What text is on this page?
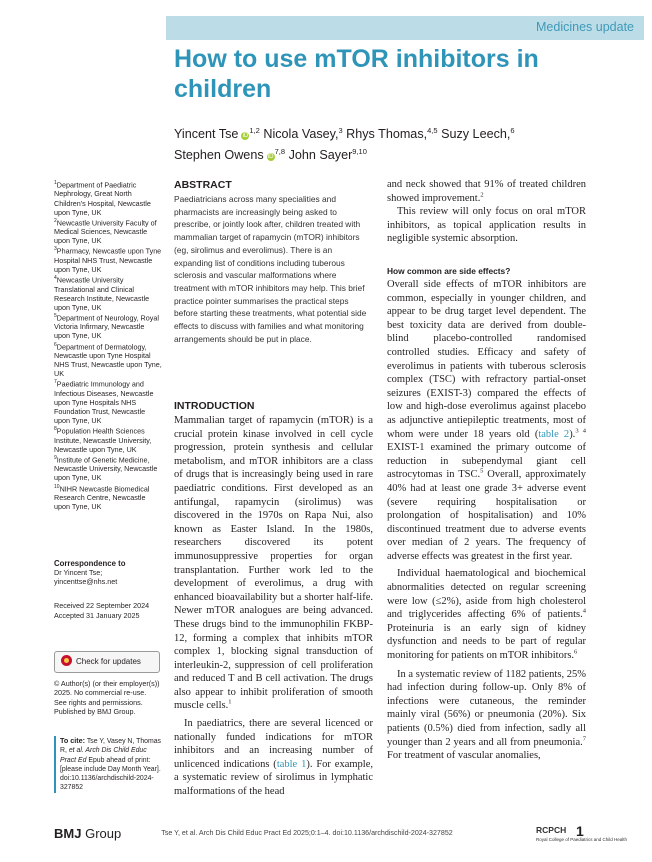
Medicines update
How to use mTOR inhibitors in children
Yincent Tse iD$^{1,2}$ Nicola Vasey,$^3$ Rhys Thomas,$^{4,5}$ Suzy Leech,$^6$
Stephen Owens iD$^{7,8}$ John Sayer$^{9,10}$
$^1$Department of Paediatric Nephrology, Great North Children's Hospital, Newcastle upon Tyne, UK
$^2$Newcastle University Faculty of Medical Sciences, Newcastle upon Tyne, UK
$^3$Pharmacy, Newcastle upon Tyne Hospital NHS Trust, Newcastle upon Tyne, UK
$^4$Newcastle University Translational and Clinical Research Institute, Newcastle upon Tyne, UK
$^5$Department of Neurology, Royal Victoria Infirmary, Newcastle upon Tyne, UK
$^6$Department of Dermatology, Newcastle upon Tyne Hospital NHS Trust, Newcastle upon Tyne, UK
$^7$Paediatric Immunology and Infectious Diseases, Newcastle upon Tyne Hospitals NHS Foundation Trust, Newcastle upon Tyne, UK
$^8$Population Health Sciences Institute, Newcastle University, Newcastle upon Tyne, UK
$^9$Institute of Genetic Medicine, Newcastle University, Newcastle upon Tyne, UK
$^{10}$NIHR Newcastle Biomedical Research Centre, Newcastle upon Tyne, UK
Correspondence to
Dr Yincent Tse; yincenttse@nhs.net
Received 22 September 2024
Accepted 31 January 2025
Check for updates
© Author(s) (or their employer(s)) 2025. No commercial re-use. See rights and permissions. Published by BMJ Group.
To cite: Tse Y, Vasey N, Thomas R, et al. Arch Dis Child Educ Pract Ed Epub ahead of print: [please include Day Month Year]. doi:10.1136/archdischild-2024-327852
ABSTRACT
Paediatricians across many specialities and pharmacists are increasingly being asked to prescribe, or jointly look after, children treated with mammalian target of rapamycin (mTOR) inhibitors (eg, sirolimus and everolimus). There is an expanding list of conditions including tuberous sclerosis and vascular malformations where treatment with mTOR inhibitors may help. This brief practice pointer summarises the practical steps before starting these treatments, what potential side effects to discuss with families and what monitoring arrangements should be put in place.
INTRODUCTION

Mammalian target of rapamycin (mTOR) is a crucial protein kinase involved in cell cycle progression, protein synthesis and cellular metabolism, and mTOR inhibitors are a class of drugs that is increasingly being used in rare paediatric conditions. First developed as an antifungal, rapamycin (sirolimus) was discovered in the 1970s on Rapa Nui, also known as Easter Island. In the 1980s, researchers discovered its potent immunosuppressive properties for organ transplantation. Further work led to the development of everolimus, a drug with enhanced bioavailability but a shorter half-life. Newer mTOR analogues are being advanced. These drugs bind to the immunophilin FKBP-12, forming a complex that inhibits mTOR complex 1, blocking signal transduction of interleukin-2, suppression of cell proliferation and reduced T and B cell activation. The drugs also appear to inhibit proliferation of smooth muscle cells.$^1$

In paediatrics, there are several licenced or nationally funded indications for mTOR inhibitors and an increasing number of unlicenced indications (table 1). For example, a systematic review of sirolimus in lymphatic malformations of the head

and neck showed that 91% of treated children showed improvement.$^2$

This review will only focus on oral mTOR inhibitors, as topical application results in negligible systemic absorption.

How common are side effects?

Overall side effects of mTOR inhibitors are common, especially in younger children, and appear to be drug target level dependent. The best toxicity data are derived from double-blind placebo-controlled randomised controlled studies. Efficacy and safety of everolimus in patients with tuberous sclerosis complex (TSC) with refractory partial-onset seizures (EXIST-3) compared the effects of low and high-dose everolimus against placebo as adjunctive antiepileptic treatments, most of whom were under 18 years old (table 2).$^{3 4}$ EXIST-1 examined the primary outcome of reduction in subependymal giant cell astrocytomas in TSC.$^5$ Overall, approximately 40% had at least one grade 3+ adverse event (severe requiring hospitalisation or prolongation of hospitalisation) and 10% discontinued treatment due to adverse events over median of 2 years. The frequency of adverse effects was greatest in the first year.

Individual haematological and biochemical abnormalities detected on regular screening were low (≤2%), aside from high cholesterol and triglycerides affecting 6% of patients.$^4$ Proteinuria is an early sign of kidney dysfunction and needs to be part of regular monitoring for patients on mTOR inhibitors.$^6$

In a systematic review of 1182 patients, 25% had infection during follow-up. Only 8% of infections were cutaneous, the reminder mainly viral (56%) or pneumonia (20%). Six patients (0.5%) died from infection, sadly all younger than 2 years and all from pneumonia.$^7$ For treatment of vascular anomalies,

BMJ Group	Tse Y, et al. Arch Dis Child Educ Pract Ed 2025;0:1–4. doi:10.1136/archdischild-2024-327852	RCPCH
Royal College of Paediatrics and Child Health
1
